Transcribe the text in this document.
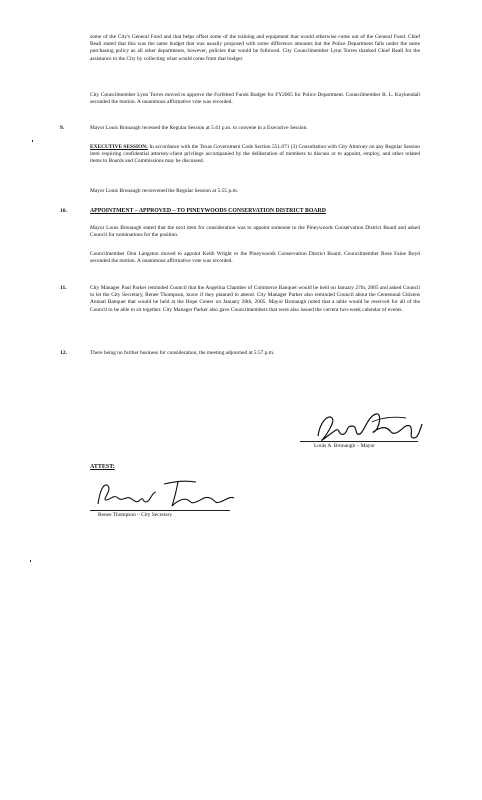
some of the City's General Fund and that helps offset some of the training and equipment that would otherwise come out of the General Fund. Chief Beall stated that this was the same budget that was usually proposed with some difference amounts but the Police Department falls under the same purchasing policy as all other departments, however, policies that would be followed. City Councilmember Lynn Torres thanked Chief Beall for the assistance to the City by collecting what would come from that budget.
City Councilmember Lynn Torres moved to approve the Forfeited Funds Budget for FY2005 for Police Department. Councilmember R. L. Kuykendall seconded the motion. A unanimous affirmative vote was recorded.
9.	Mayor Louis Bronaugh recessed the Regular Session at 5:41 p.m. to convene in a Executive Session.
EXECUTIVE SESSION: In accordance with the Texas Government Code Section 551.071 (3) Consultation with City Attorney on any Regular Session item requiring confidential attorney-client privilege accompanied by the deliberation of members to discuss or to appoint, employ, and other related items to Boards and Commissions may be discussed.
Mayor Louis Bronaugh reconvened the Regular Session at 5:55 p.m.
10.	APPOINTMENT – APPROVED – TO PINEYWOODS CONSERVATION DISTRICT BOARD
Mayor Louis Bronaugh stated that the next item for consideration was to appoint someone to the Pineywoods Conservation District Board and asked Council for nominations for the position.
Councilmember Don Langston moved to appoint Keith Wright to the Pineywoods Conservation District Board. Councilmember Rose Faine Boyd seconded the motion. A unanimous affirmative vote was recorded.
11.	City Manager Paul Parker reminded Council that the Angelina Chamber of Commerce Banquet would be held on January 27th, 2005 and asked Council to let the City Secretary, Renee Thompson, know if they planned to attend. City Manager Parker also reminded Council about the Centennial Citizens Annual Banquet that would be held at the Hope Center on January 28th, 2005. Mayor Bronaugh noted that a table would be reserved for all of the Council to be able to sit together. City Manager Parker also gave Councilmembers that were also issued the current two-week calendar of events.
12.	There being no further business for consideration, the meeting adjourned at 5:57 p.m.
Louis A. Bronaugh – Mayor
ATTEST:
Renee Thompson – City Secretary
